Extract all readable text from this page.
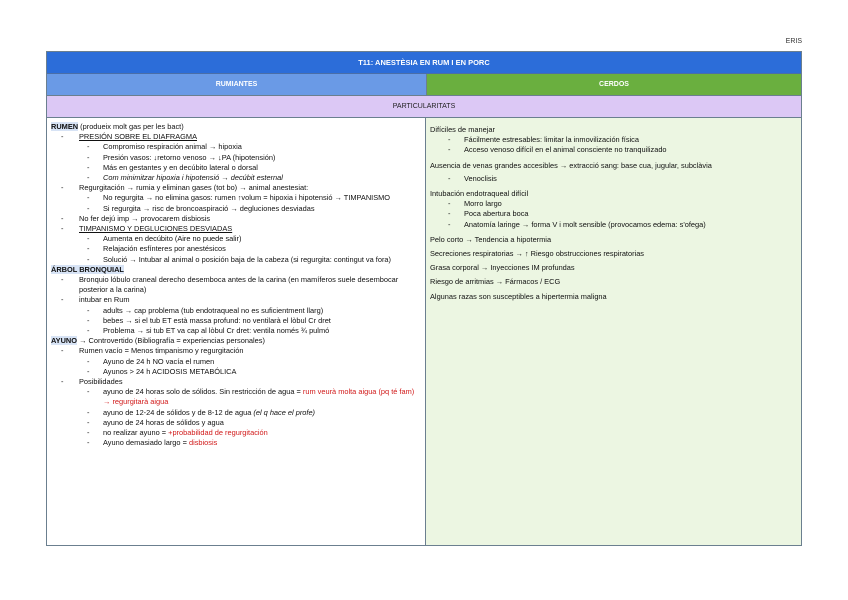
ERIS
T11: ANESTÈSIA EN RUM I EN PORC
RUMIANTES	CERDOS
PARTICULARITATS
RUMEN (produeix molt gas per les bact)
- PRESIÓN SOBRE EL DIAFRAGMA
- Compromiso respiración animal → hipoxia
- Presión vasos: ↓retorno venoso → ↓PA (hipotensión)
- Más en gestantes y en decúbito lateral o dorsal
- Com minimitzar hipoxia i hipotensió → decúbit esternal
- Regurgitación → rumia y eliminan gases (tot bo) → animal anestesiat:
-	No regurgita → no elimina gasos: rumen ↑volum = hipoxia i hipotensió → TIMPANISMO
- Si regurgita → risc de broncoaspiració → degluciones desviadas
- No fer dejú imp → provocarem disbiosis
- TIMPANISMO Y DEGLUCIONES DESVIADAS
- Aumenta en decúbito (Aire no puede salir)
- Relajación esfínteres por anestésicos
-	Solució → Intubar al animal o posición baja de la cabeza (si regurgita: contingut va fora)
ÁRBOL BRONQUIAL
-	Bronquio lóbulo craneal derecho desemboca antes de la carina (en mamíferos suele desembocar posterior a la carina)
- intubar en Rum
- adults → cap problema (tub endotraqueal no es suficientment llarg)
- bebes → si el tub ET està massa profund: no ventilarà el lòbul Cr dret
- Problema → si tub ET va cap al lòbul Cr dret: ventila només ¾ pulmó
AYUNO → Controvertido (Bibliografía = experiencias personales)
- Rumen vacío = Menos timpanismo y regurgitación
- Ayuno de 24 h NO vacía el rumen
- Ayunos > 24 h ACIDOSIS METABÓLICA
- Posibilidades
-	ayuno de 24 horas solo de sólidos. Sin restricción de agua = rum veurà molta aigua (pq té fam) → regurgitarà aigua
- ayuno de 12-24 de sólidos y de 8-12 de agua (el q hace el profe)
- ayuno de 24 horas de sólidos y agua
- no realizar ayuno = +probabilidad de regurgitación
- Ayuno demasiado largo = disbiosis
Difíciles de manejar
- Fácilmente estresables: limitar la inmovilización física
- Acceso venoso difícil en el animal consciente no tranquilizado
Ausencia de venas grandes accesibles → extracció sang: base cua, jugular, subclàvia
- Venoclisis
Intubación endotraqueal difícil
- Morro largo
- Poca abertura boca
- Anatomía laringe → forma V i molt sensible (provocamos edema: s'ofega)
Pelo corto → Tendencia a hipotermia
Secreciones respiratorias → ↑ Riesgo obstrucciones respiratorias
Grasa corporal → Inyecciones IM profundas
Riesgo de arritmias → Fármacos / ECG
Algunas razas son susceptibles a hipertermia maligna
